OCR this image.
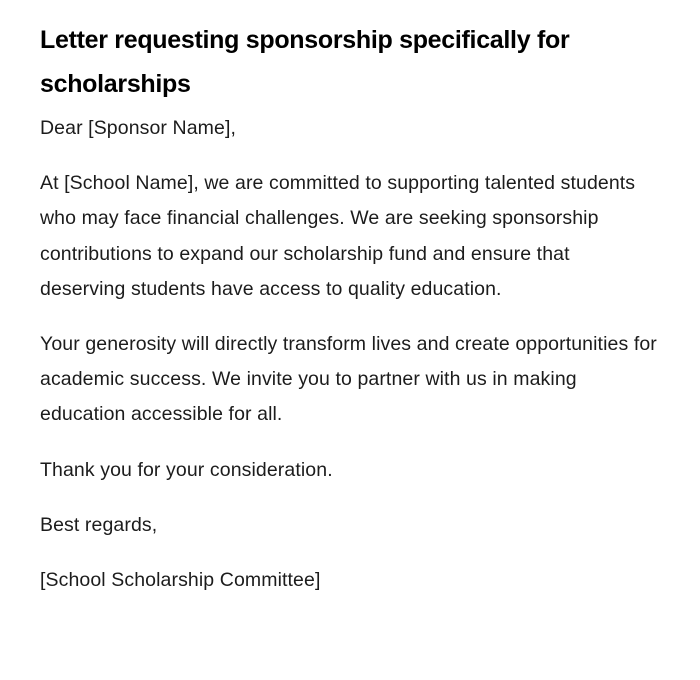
Letter requesting sponsorship specifically for scholarships

Dear [Sponsor Name],

At [School Name], we are committed to supporting talented students who may face financial challenges. We are seeking sponsorship contributions to expand our scholarship fund and ensure that deserving students have access to quality education.

Your generosity will directly transform lives and create opportunities for academic success. We invite you to partner with us in making education accessible for all.

Thank you for your consideration.

Best regards,

[School Scholarship Committee]
